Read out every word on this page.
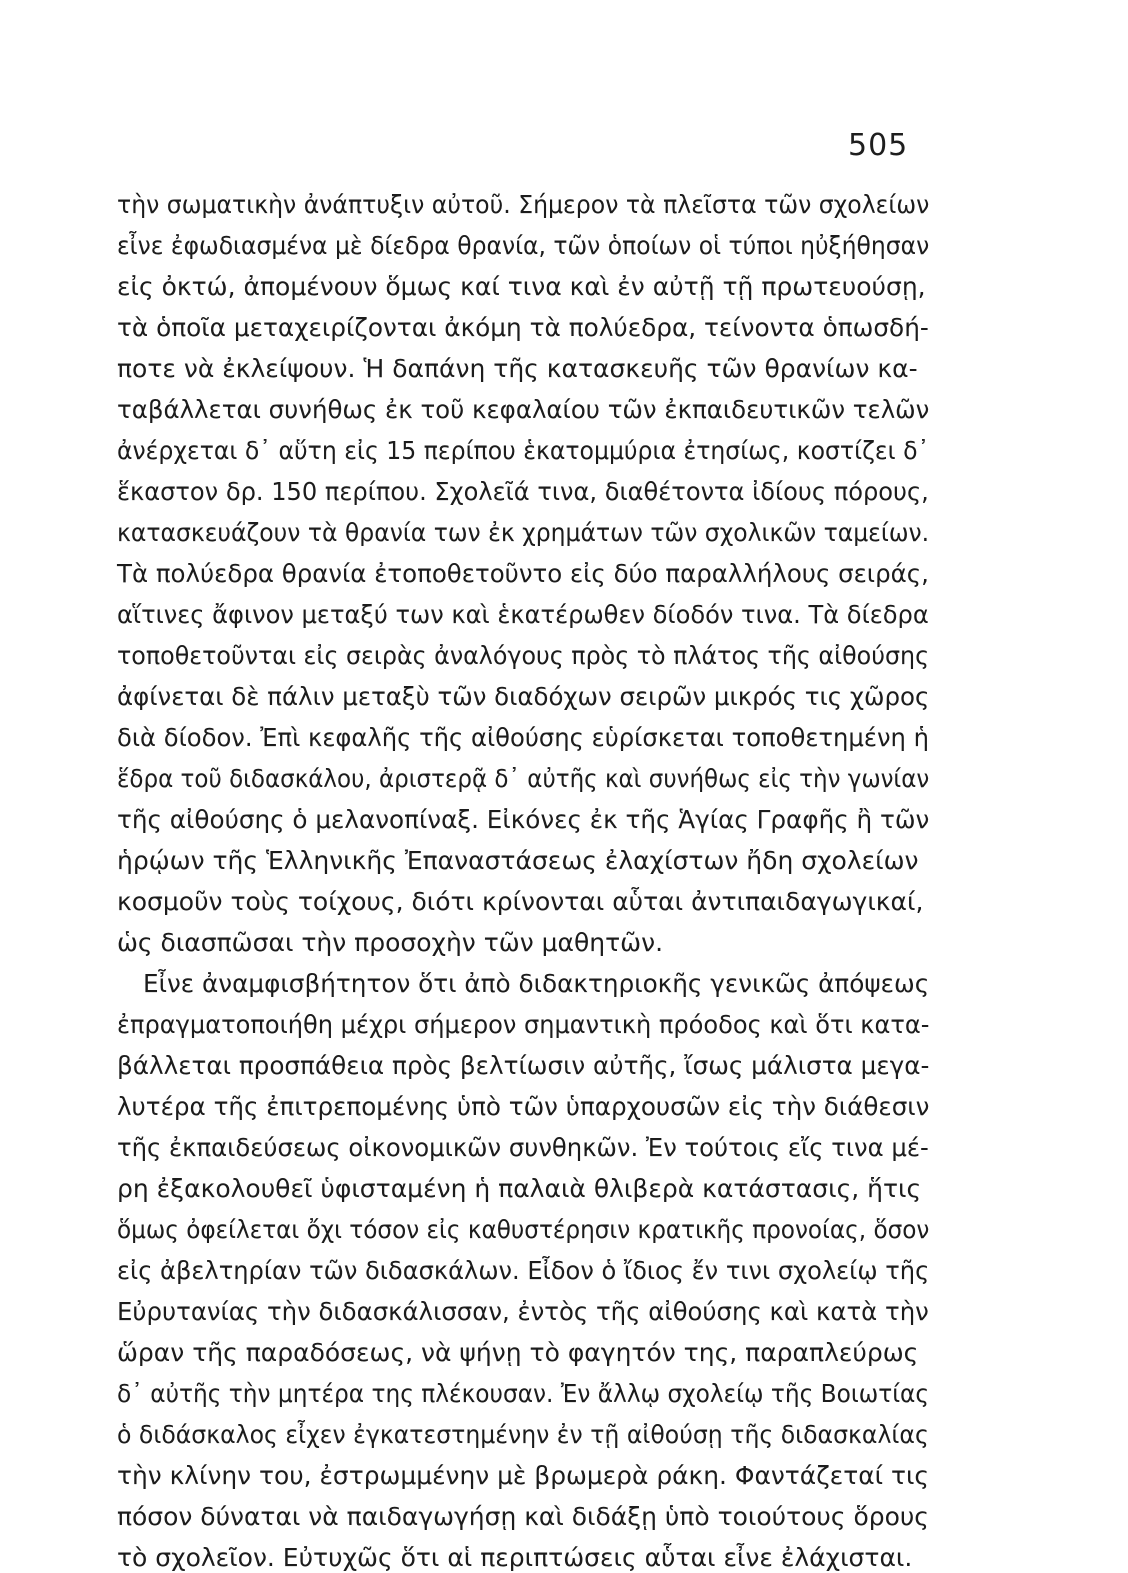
505
τὴν σωματικὴν ἀνάπτυξιν αὐτοῦ. Σήμερον τὰ πλεῖστα τῶν σχολείων
εἶνε ἐφωδιασμένα μὲ δίεδρα θρανία, τῶν ὁποίων οἱ τύποι ηὐξήθησαν
εἰς ὀκτώ, ἀπομένουν ὅμως καί τινα καὶ ἐν αὐτῇ τῇ πρωτευούσῃ,
τὰ ὁποῖα μεταχειρίζονται ἀκόμη τὰ πολύεδρα, τείνοντα ὁπωσδή-
ποτε νὰ ἐκλείψουν. Ἡ δαπάνη τῆς κατασκευῆς τῶν θρανίων κα-
ταβάλλεται συνήθως ἐκ τοῦ κεφαλαίου τῶν ἐκπαιδευτικῶν τελῶν
ἀνέρχεται δ᾽ αὕτη εἰς 15 περίπου ἑκατομμύρια ἐτησίως, κοστίζει δ᾽
ἕκαστον δρ. 150 περίπου. Σχολεῖά τινα, διαθέτοντα ἰδίους πόρους,
κατασκευάζουν τὰ θρανία των ἐκ χρημάτων τῶν σχολικῶν ταμείων.
Τὰ πολύεδρα θρανία ἐτοποθετοῦντο εἰς δύο παραλλήλους σειράς,
αἵτινες ἄφινον μεταξύ των καὶ ἑκατέρωθεν δίοδόν τινα. Τὰ δίεδρα
τοποθετοῦνται εἰς σειρὰς ἀναλόγους πρὸς τὸ πλάτος τῆς αἰθούσης
ἀφίνεται δὲ πάλιν μεταξὺ τῶν διαδόχων σειρῶν μικρός τις χῶρος
διὰ δίοδον. Ἐπὶ κεφαλῆς τῆς αἰθούσης εὑρίσκεται τοποθετημένη ἡ
ἕδρα τοῦ διδασκάλου, ἀριστερᾷ δ᾽ αὐτῆς καὶ συνήθως εἰς τὴν γωνίαν
τῆς αἰθούσης ὁ μελανοπίναξ. Εἰκόνες ἐκ τῆς Ἁγίας Γραφῆς ἢ τῶν
ἡρῴων τῆς Ἑλληνικῆς Ἐπαναστάσεως ἐλαχίστων ἤδη σχολείων
κοσμοῦν τοὺς τοίχους, διότι κρίνονται αὗται ἀντιπαιδαγωγικαί,
ὡς διασπῶσαι τὴν προσοχὴν τῶν μαθητῶν.
Εἶνε ἀναμφισβήτητον ὅτι ἀπὸ διδακτηριοκῆς γενικῶς ἀπόψεως
ἐπραγματοποιήθη μέχρι σήμερον σημαντικὴ πρόοδος καὶ ὅτι κατα-
βάλλεται προσπάθεια πρὸς βελτίωσιν αὐτῆς, ἴσως μάλιστα μεγα-
λυτέρα τῆς ἐπιτρεπομένης ὑπὸ τῶν ὑπαρχουσῶν εἰς τὴν διάθεσιν
τῆς ἐκπαιδεύσεως οἰκονομικῶν συνθηκῶν. Ἐν τούτοις εἴς τινα μέ-
ρη ἐξακολουθεῖ ὑφισταμένη ἡ παλαιὰ θλιβερὰ κατάστασις, ἥτις
ὅμως ὀφείλεται ὄχι τόσον εἰς καθυστέρησιν κρατικῆς προνοίας, ὅσον
εἰς ἀβελτηρίαν τῶν διδασκάλων. Εἶδον ὁ ἴδιος ἔν τινι σχολείῳ τῆς
Εὐρυτανίας τὴν διδασκάλισσαν, ἐντὸς τῆς αἰθούσης καὶ κατὰ τὴν
ὥραν τῆς παραδόσεως, νὰ ψήνῃ τὸ φαγητόν της, παραπλεύρως
δ᾽ αὐτῆς τὴν μητέρα της πλέκουσαν. Ἐν ἄλλῳ σχολείῳ τῆς Βοιωτίας
ὁ διδάσκαλος εἶχεν ἐγκατεστημένην ἐν τῇ αἰθούσῃ τῆς διδασκαλίας
τὴν κλίνην του, ἐστρωμμένην μὲ βρωμερὰ ράκη. Φαντάζεταί τις
πόσον δύναται νὰ παιδαγωγήσῃ καὶ διδάξῃ ὑπὸ τοιούτους ὅρους
τὸ σχολεῖον. Εὐτυχῶς ὅτι αἱ περιπτώσεις αὗται εἶνε ἐλάχισται.
